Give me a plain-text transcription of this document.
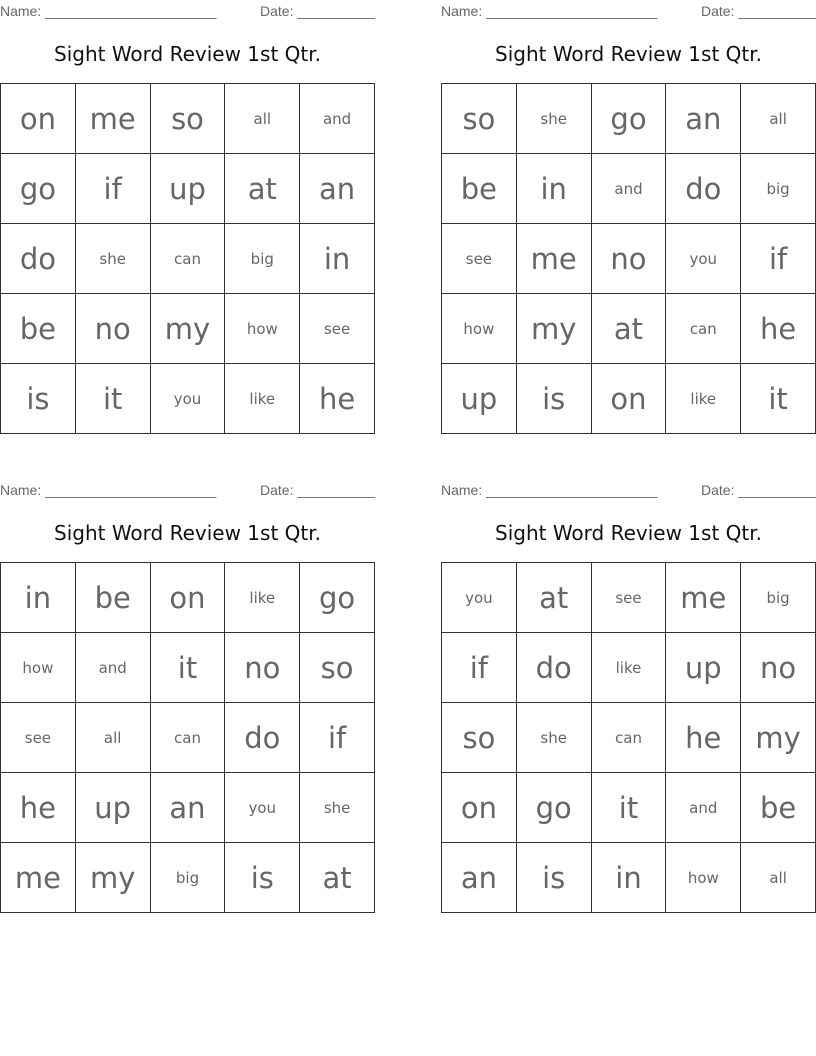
Name: ______________________	Date: __________
Sight Word Review 1st Qtr.
on	me	so	all	and
go	if	up	at	an
do	she	can	big	in
be	no	my	how	see
is	it	you	like	he
Name: ______________________	Date: __________
Sight Word Review 1st Qtr.
so	she	go	an	all
be	in	and	do	big
see	me	no	you	if
how	my	at	can	he
up	is	on	like	it
Name: ______________________	Date: __________
Sight Word Review 1st Qtr.
in	be	on	like	go
how	and	it	no	so
see	all	can	do	if
he	up	an	you	she
me	my	big	is	at
Name: ______________________	Date: __________
Sight Word Review 1st Qtr.
you	at	see	me	big
if	do	like	up	no
so	she	can	he	my
on	go	it	and	be
an	is	in	how	all
